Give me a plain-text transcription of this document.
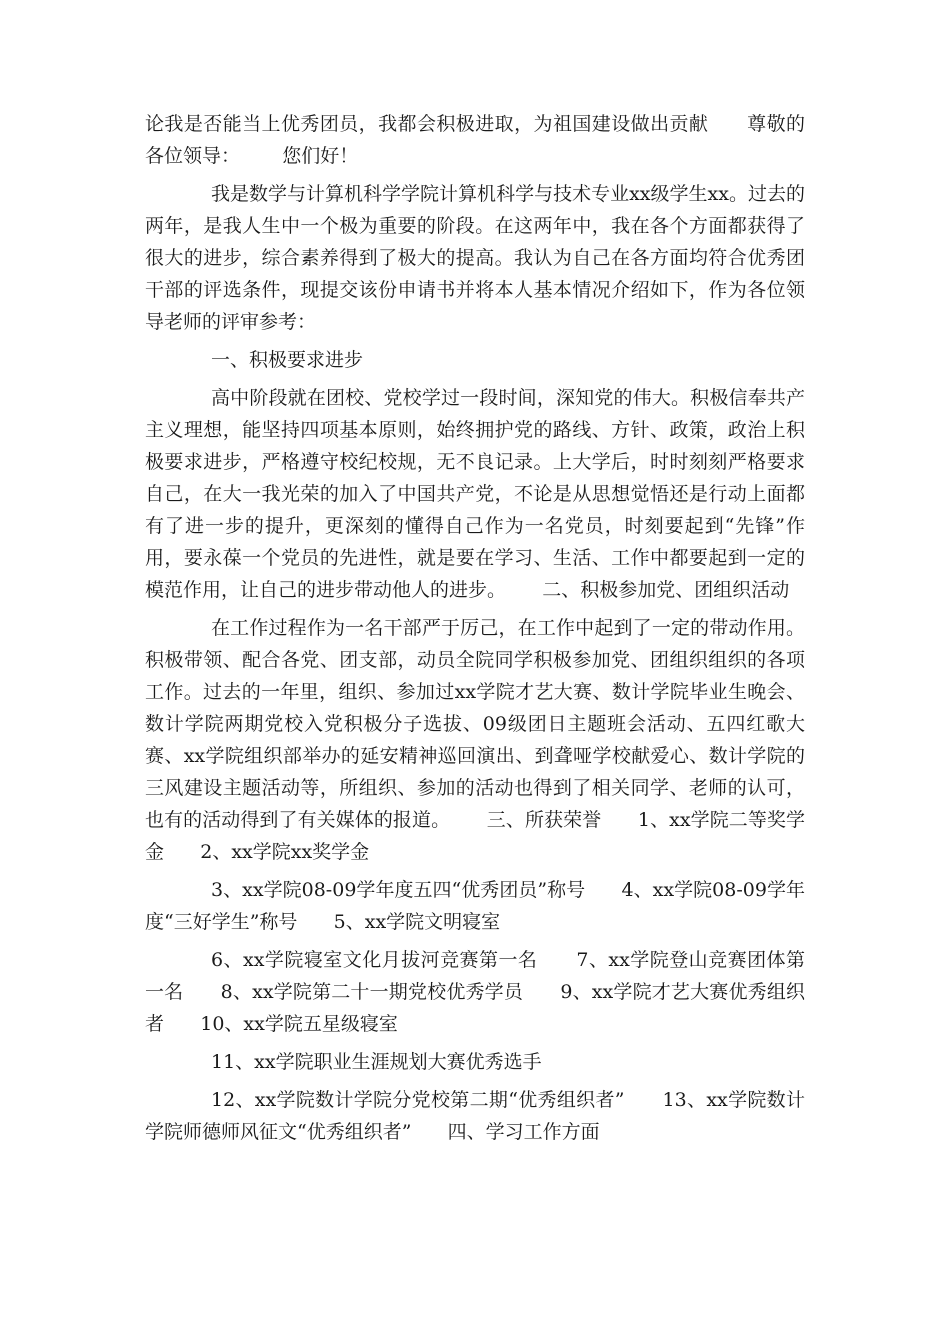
论我是否能当上优秀团员，我都会积极进取，为祖国建设做出贡献      尊敬的各位领导：       您们好！

我是数学与计算机科学学院计算机科学与技术专业xx级学生xx。过去的两年，是我人生中一个极为重要的阶段。在这两年中，我在各个方面都获得了很大的进步，综合素养得到了极大的提高。我认为自己在各方面均符合优秀团干部的评选条件，现提交该份申请书并将本人基本情况介绍如下，作为各位领导老师的评审参考：

一、积极要求进步

高中阶段就在团校、党校学过一段时间，深知党的伟大。积极信奉共产主义理想，能坚持四项基本原则，始终拥护党的路线、方针、政策，政治上积极要求进步，严格遵守校纪校规，无不良记录。上大学后，时时刻刻严格要求自己，在大一我光荣的加入了中国共产党，不论是从思想觉悟还是行动上面都有了进一步的提升，更深刻的懂得自己作为一名党员，时刻要起到“先锋”作用，要永葆一个党员的先进性，就是要在学习、生活、工作中都要起到一定的模范作用，让自己的进步带动他人的进步。      二、积极参加党、团组织活动

在工作过程作为一名干部严于厉己，在工作中起到了一定的带动作用。积极带领、配合各党、团支部，动员全院同学积极参加党、团组织组织的各项工作。过去的一年里，组织、参加过xx学院才艺大赛、数计学院毕业生晚会、数计学院两期党校入党积极分子选拔、09级团日主题班会活动、五四红歌大赛、xx学院组织部举办的延安精神巡回演出、到聋哑学校献爱心、数计学院的三风建设主题活动等，所组织、参加的活动也得到了相关同学、老师的认可，也有的活动得到了有关媒体的报道。      三、所获荣誉      1、xx学院二等奖学金      2、xx学院xx奖学金

3、xx学院08-09学年度五四“优秀团员”称号      4、xx学院08-09学年度“三好学生”称号      5、xx学院文明寝室

6、xx学院寝室文化月拔河竞赛第一名      7、xx学院登山竞赛团体第一名      8、xx学院第二十一期党校优秀学员      9、xx学院才艺大赛优秀组织者      10、xx学院五星级寝室

11、xx学院职业生涯规划大赛优秀选手

12、xx学院数计学院分党校第二期“优秀组织者”      13、xx学院数计学院师德师风征文“优秀组织者”      四、学习工作方面
